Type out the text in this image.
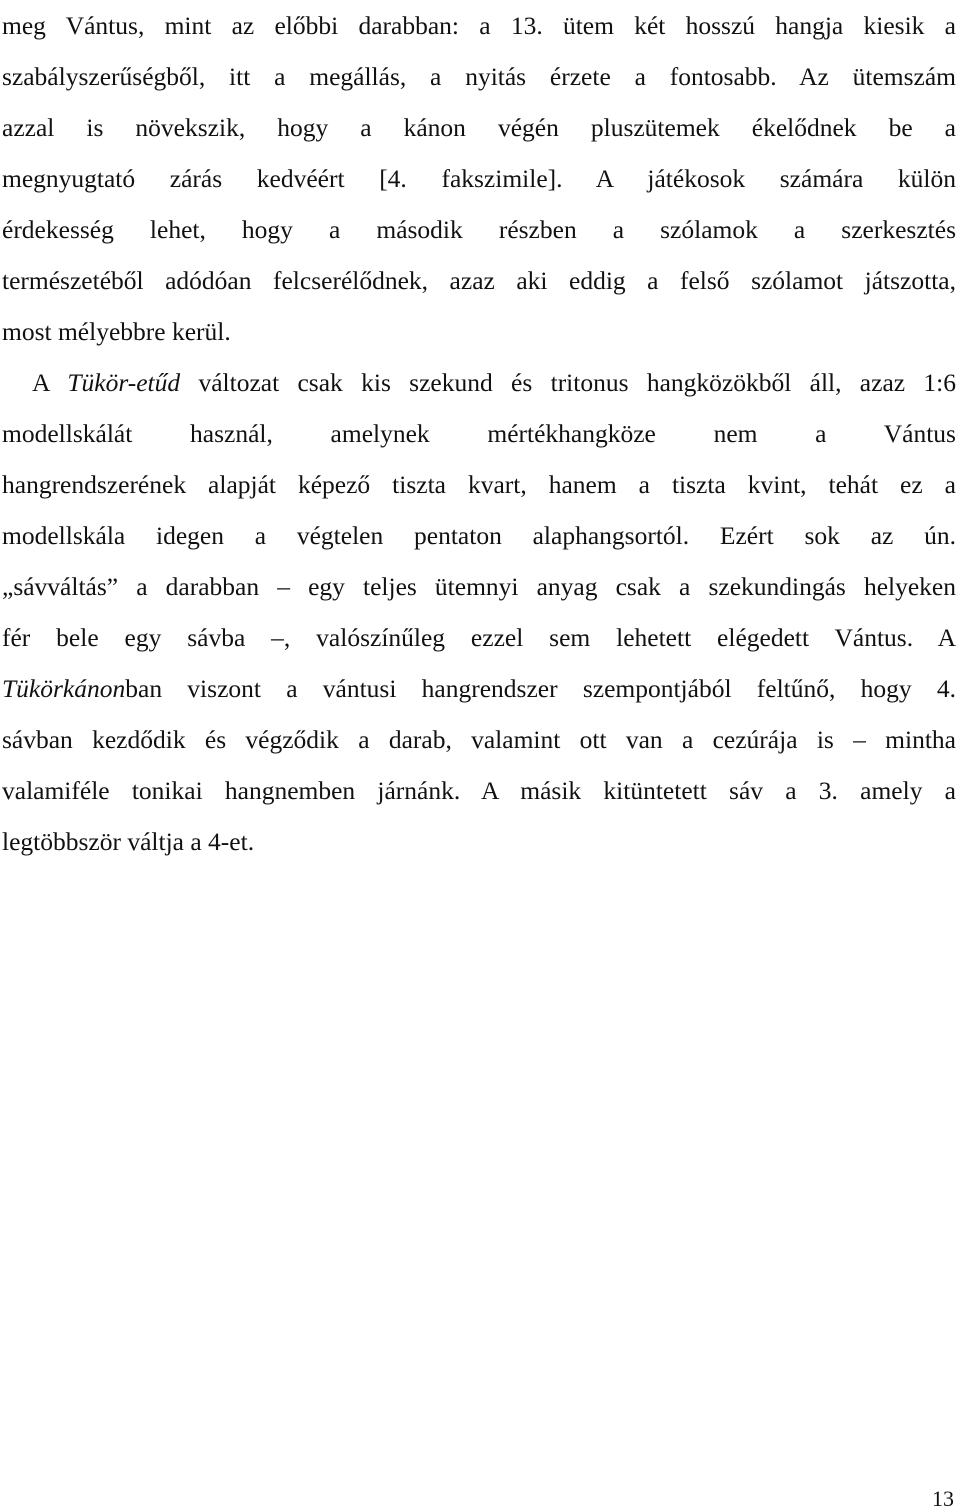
meg Vántus, mint az előbbi darabban: a 13. ütem két hosszú hangja kiesik a
szabályszerűségből, itt a megállás, a nyitás érzete a fontosabb. Az ütemszám
azzal is növekszik, hogy a kánon végén pluszütemek ékelődnek be a
megnyugtató zárás kedvéért [4. fakszimile]. A játékosok számára külön
érdekesség lehet, hogy a második részben a szólamok a szerkesztés
természetéből adódóan felcserélődnek, azaz aki eddig a felső szólamot játszotta,
most mélyebbre kerül.
A Tükör-etűd változat csak kis szekund és tritonus hangközökből áll, azaz 1:6
modellskálát használ, amelynek mértékhangköze nem a Vántus
hangrendszerének alapját képező tiszta kvart, hanem a tiszta kvint, tehát ez a
modellskála idegen a végtelen pentaton alaphangsortól. Ezért sok az ún.
„sávváltás” a darabban – egy teljes ütemnyi anyag csak a szekundingás helyeken
fér bele egy sávba –, valószínűleg ezzel sem lehetett elégedett Vántus. A
Tükörkánonban viszont a vántusi hangrendszer szempontjából feltűnő, hogy 4.
sávban kezdődik és végződik a darab, valamint ott van a cezúrája is – mintha
valamiféle tonikai hangnemben járnánk. A másik kitüntetett sáv a 3. amely a
legtöbbször váltja a 4-et.
13
